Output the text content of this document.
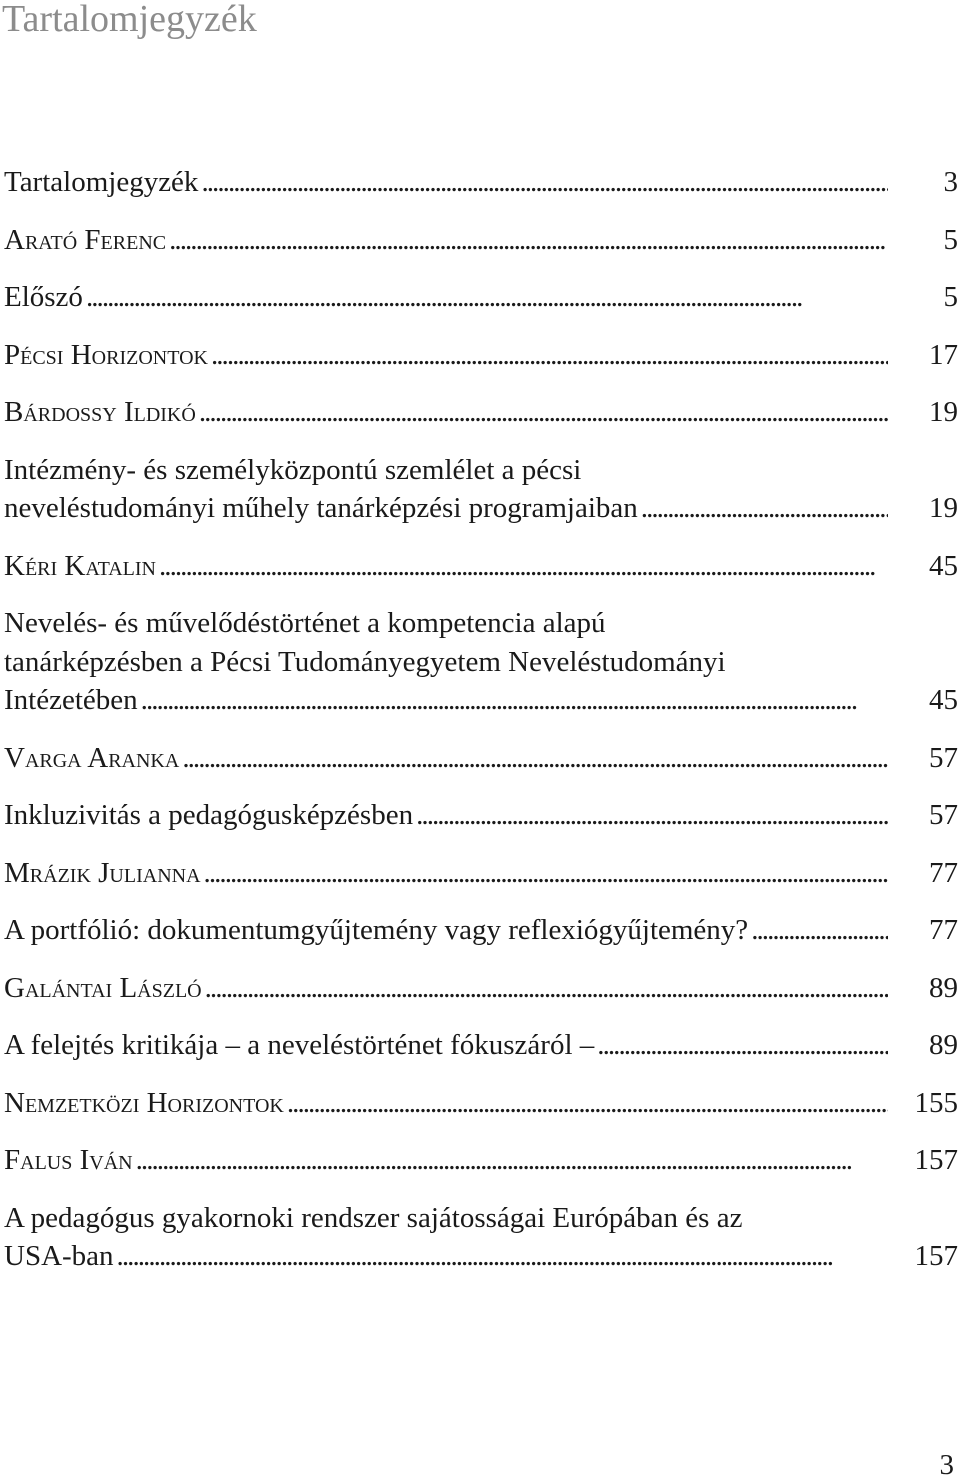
Tartalomjegyzék
Tartalomjegyzék . . .	3
Arató Ferenc . . .	5
Előszó . . .	5
Pécsi Horizontok . . .	17
Bárdossy Ildikó . . .	19
Intézmény- és személyközpontú szemlélet a pécsi
neveléstudományi műhely tanárképzési programjaiban . . .	19
Kéri Katalin . . .	45
Nevelés- és művelődéstörténet a kompetencia alapú
tanárképzésben a Pécsi Tudományegyetem Neveléstudományi
Intézetében . . .	45
Varga Aranka . . .	57
Inkluzivitás a pedagógusképzésben . . .	57
Mrázik Julianna . . .	77
A portfólió: dokumentumgyűjtemény vagy reflexiógyűjtemény? . . .	77
Galántai László . . .	89
A felejtés kritikája – a neveléstörténet fókuszáról – . . .	89
Nemzetközi Horizontok . . .	155
Falus Iván . . .	157
A pedagógus gyakornoki rendszer sajátosságai Európában és az
USA-ban . . .	157
3
